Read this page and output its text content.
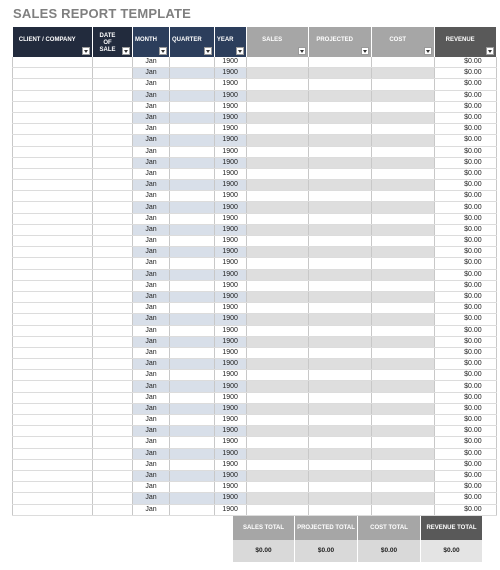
SALES REPORT TEMPLATE
CLIENT / COMPANY	DATE OF SALE	MONTH	QUARTER	YEAR	SALES	PROJECTED	COST	REVENUE

		Jan		1900				$0.00
		Jan		1900				$0.00
		Jan		1900				$0.00
		Jan		1900				$0.00
		Jan		1900				$0.00
		Jan		1900				$0.00
		Jan		1900				$0.00
		Jan		1900				$0.00
		Jan		1900				$0.00
		Jan		1900				$0.00
		Jan		1900				$0.00
		Jan		1900				$0.00
		Jan		1900				$0.00
		Jan		1900				$0.00
		Jan		1900				$0.00
		Jan		1900				$0.00
		Jan		1900				$0.00
		Jan		1900				$0.00
		Jan		1900				$0.00
		Jan		1900				$0.00
		Jan		1900				$0.00
		Jan		1900				$0.00
		Jan		1900				$0.00
		Jan		1900				$0.00
		Jan		1900				$0.00
		Jan		1900				$0.00
		Jan		1900				$0.00
		Jan		1900				$0.00
		Jan		1900				$0.00
		Jan		1900				$0.00
		Jan		1900				$0.00
		Jan		1900				$0.00
		Jan		1900				$0.00
		Jan		1900				$0.00
		Jan		1900				$0.00
		Jan		1900				$0.00
		Jan		1900				$0.00
		Jan		1900				$0.00
		Jan		1900				$0.00
		Jan		1900				$0.00
		Jan		1900				$0.00
SALES TOTAL	PROJECTED TOTAL	COST TOTAL	REVENUE TOTAL
$0.00	$0.00	$0.00	$0.00
